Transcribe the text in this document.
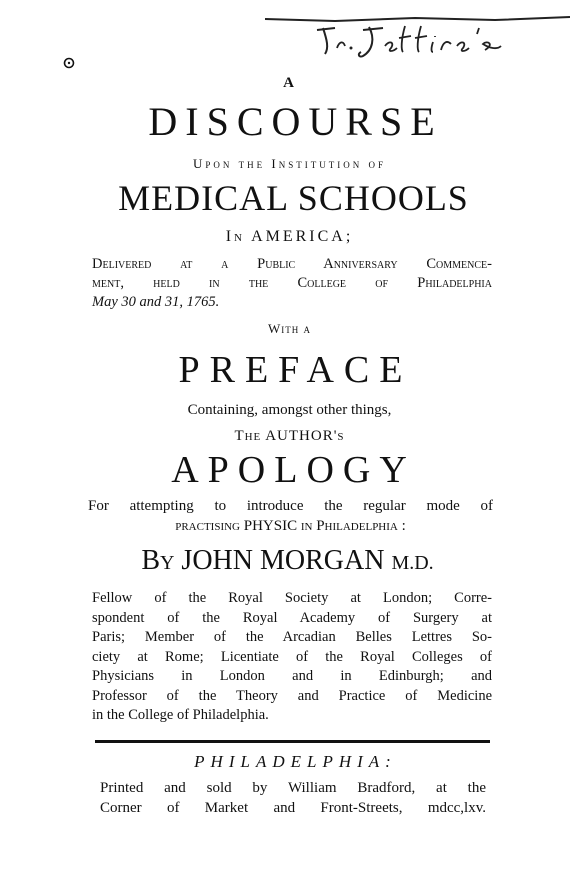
A
DISCOURSE
Upon the Institution of
MEDICAL SCHOOLS
In AMERICA;
Delivered at a Public Anniversary Commence-
ment, held in the College of Philadelphia
May 30 and 31, 1765.
With a
PREFACE
Containing, amongst other things,
The AUTHOR's
APOLOGY
For attempting to introduce the regular mode of
practising PHYSIC in Philadelphia :
By JOHN MORGAN M.D.
Fellow of the Royal Society at London; Corre-
spondent of the Royal Academy of Surgery at
Paris; Member of the Arcadian Belles Lettres So-
ciety at Rome; Licentiate of the Royal Colleges of
Physicians in London and in Edinburgh; and
Professor of the Theory and Practice of Medicine
in the College of Philadelphia.
PHILADELPHIA:
Printed and sold by William Bradford, at the
Corner of Market and Front-Streets, mdcc,lxv.
